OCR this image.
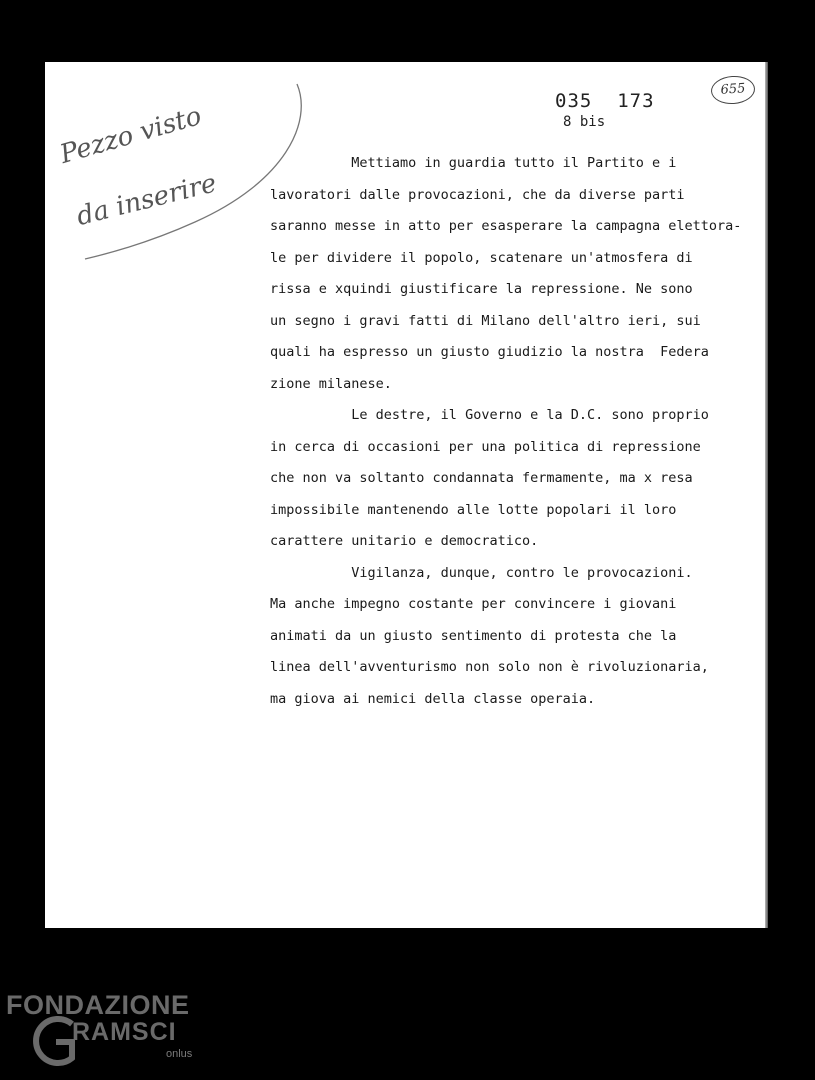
Pezzo visto
da inserire
035  173
8 bis
655
Mettiamo in guardia tutto il Partito e i
lavoratori dalle provocazioni, che da diverse parti
saranno messe in atto per esasperare la campagna elettora-
le per dividere il popolo, scatenare un'atmosfera di
rissa e xquindi giustificare la repressione. Ne sono
un segno i gravi fatti di Milano dell'altro ieri, sui
quali ha espresso un giusto giudizio la nostra  Federa
zione milanese.
Le destre, il Governo e la D.C. sono proprio
in cerca di occasioni per una politica di repressione
che non va soltanto condannata fermamente, ma x resa
impossibile mantenendo alle lotte popolari il loro
carattere unitario e democratico.
Vigilanza, dunque, contro le provocazioni.
Ma anche impegno costante per convincere i giovani
animati da un giusto sentimento di protesta che la
linea dell'avventurismo non solo non è rivoluzionaria,
ma giova ai nemici della classe operaia.
FONDAZIONE
RAMSCI
onlus
